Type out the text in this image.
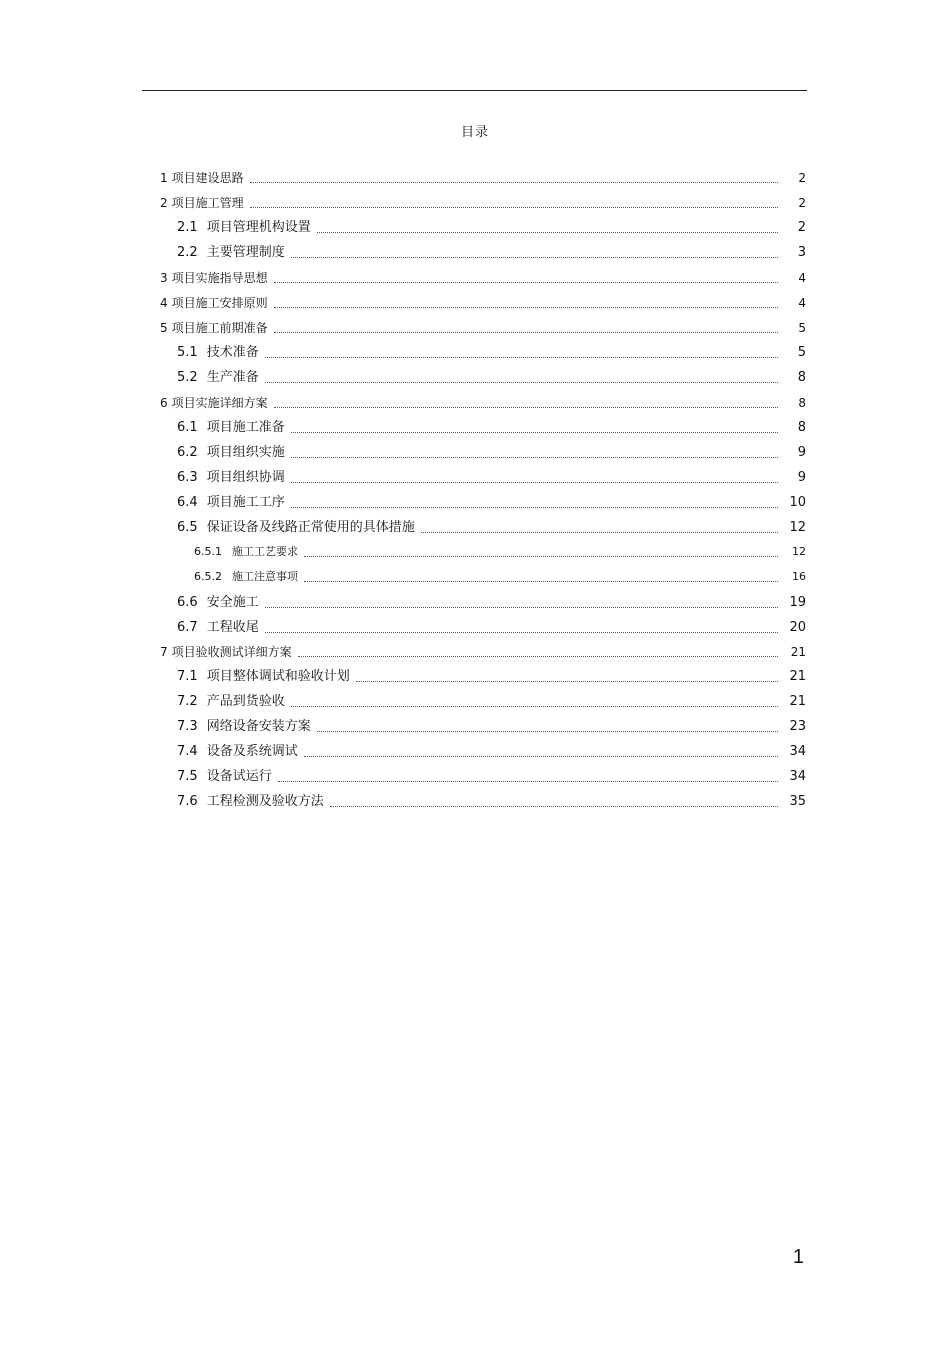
目录
1 项目建设思路	2
2 项目施工管理	2
2.1 项目管理机构设置	2
2.2 主要管理制度	3
3 项目实施指导思想	4
4 项目施工安排原则	4
5 项目施工前期准备	5
5.1 技术准备	5
5.2 生产准备	8
6 项目实施详细方案	8
6.1 项目施工准备	8
6.2 项目组织实施	9
6.3 项目组织协调	9
6.4 项目施工工序	10
6.5 保证设备及线路正常使用的具体措施	12
6.5.1 施工工艺要求	12
6.5.2 施工注意事项	16
6.6 安全施工	19
6.7 工程收尾	20
7 项目验收测试详细方案	21
7.1 项目整体调试和验收计划	21
7.2 产品到货验收	21
7.3 网络设备安装方案	23
7.4 设备及系统调试	34
7.5 设备试运行	34
7.6 工程检测及验收方法	35
1
